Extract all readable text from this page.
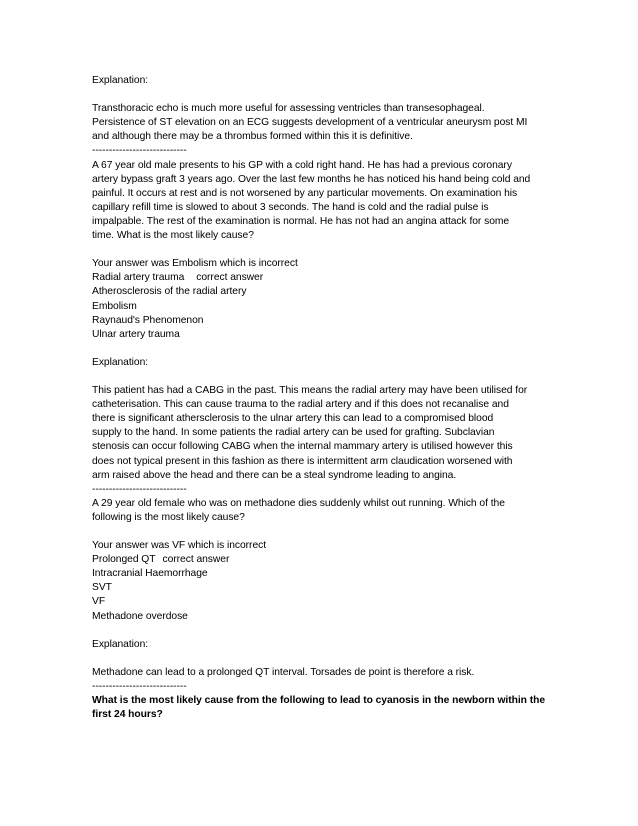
Explanation:
Transthoracic echo is much more useful for assessing ventricles than transesophageal.
Persistence of ST elevation on an ECG suggests development of a ventricular aneurysm post MI
and although there may be a thrombus formed within this it is definitive.
----------------------------
A 67 year old male presents to his GP with a cold right hand. He has had a previous coronary
artery bypass graft 3 years ago. Over the last few months he has noticed his hand being cold and
painful. It occurs at rest and is not worsened by any particular movements. On examination his
capillary refill time is slowed to about 3 seconds. The hand is cold and the radial pulse is
impalpable. The rest of the examination is normal. He has not had an angina attack for some
time. What is the most likely cause?
Your answer was Embolism which is incorrect
Radial artery trauma correct answer
Atherosclerosis of the radial artery
Embolism
Raynaud's Phenomenon
Ulnar artery trauma
Explanation:
This patient has had a CABG in the past. This means the radial artery may have been utilised for
catheterisation. This can cause trauma to the radial artery and if this does not recanalise and
there is significant athersclerosis to the ulnar artery this can lead to a compromised blood
supply to the hand. In some patients the radial artery can be used for grafting. Subclavian
stenosis can occur following CABG when the internal mammary artery is utilised however this
does not typical present in this fashion as there is intermittent arm claudication worsened with
arm raised above the head and there can be a steal syndrome leading to angina.
----------------------------
A 29 year old female who was on methadone dies suddenly whilst out running. Which of the
following is the most likely cause?
Your answer was VF which is incorrect
Prolonged QT correct answer
Intracranial Haemorrhage
SVT
VF
Methadone overdose
Explanation:
Methadone can lead to a prolonged QT interval. Torsades de point is therefore a risk.
----------------------------
What is the most likely cause from the following to lead to cyanosis in the newborn within the
first 24 hours?
